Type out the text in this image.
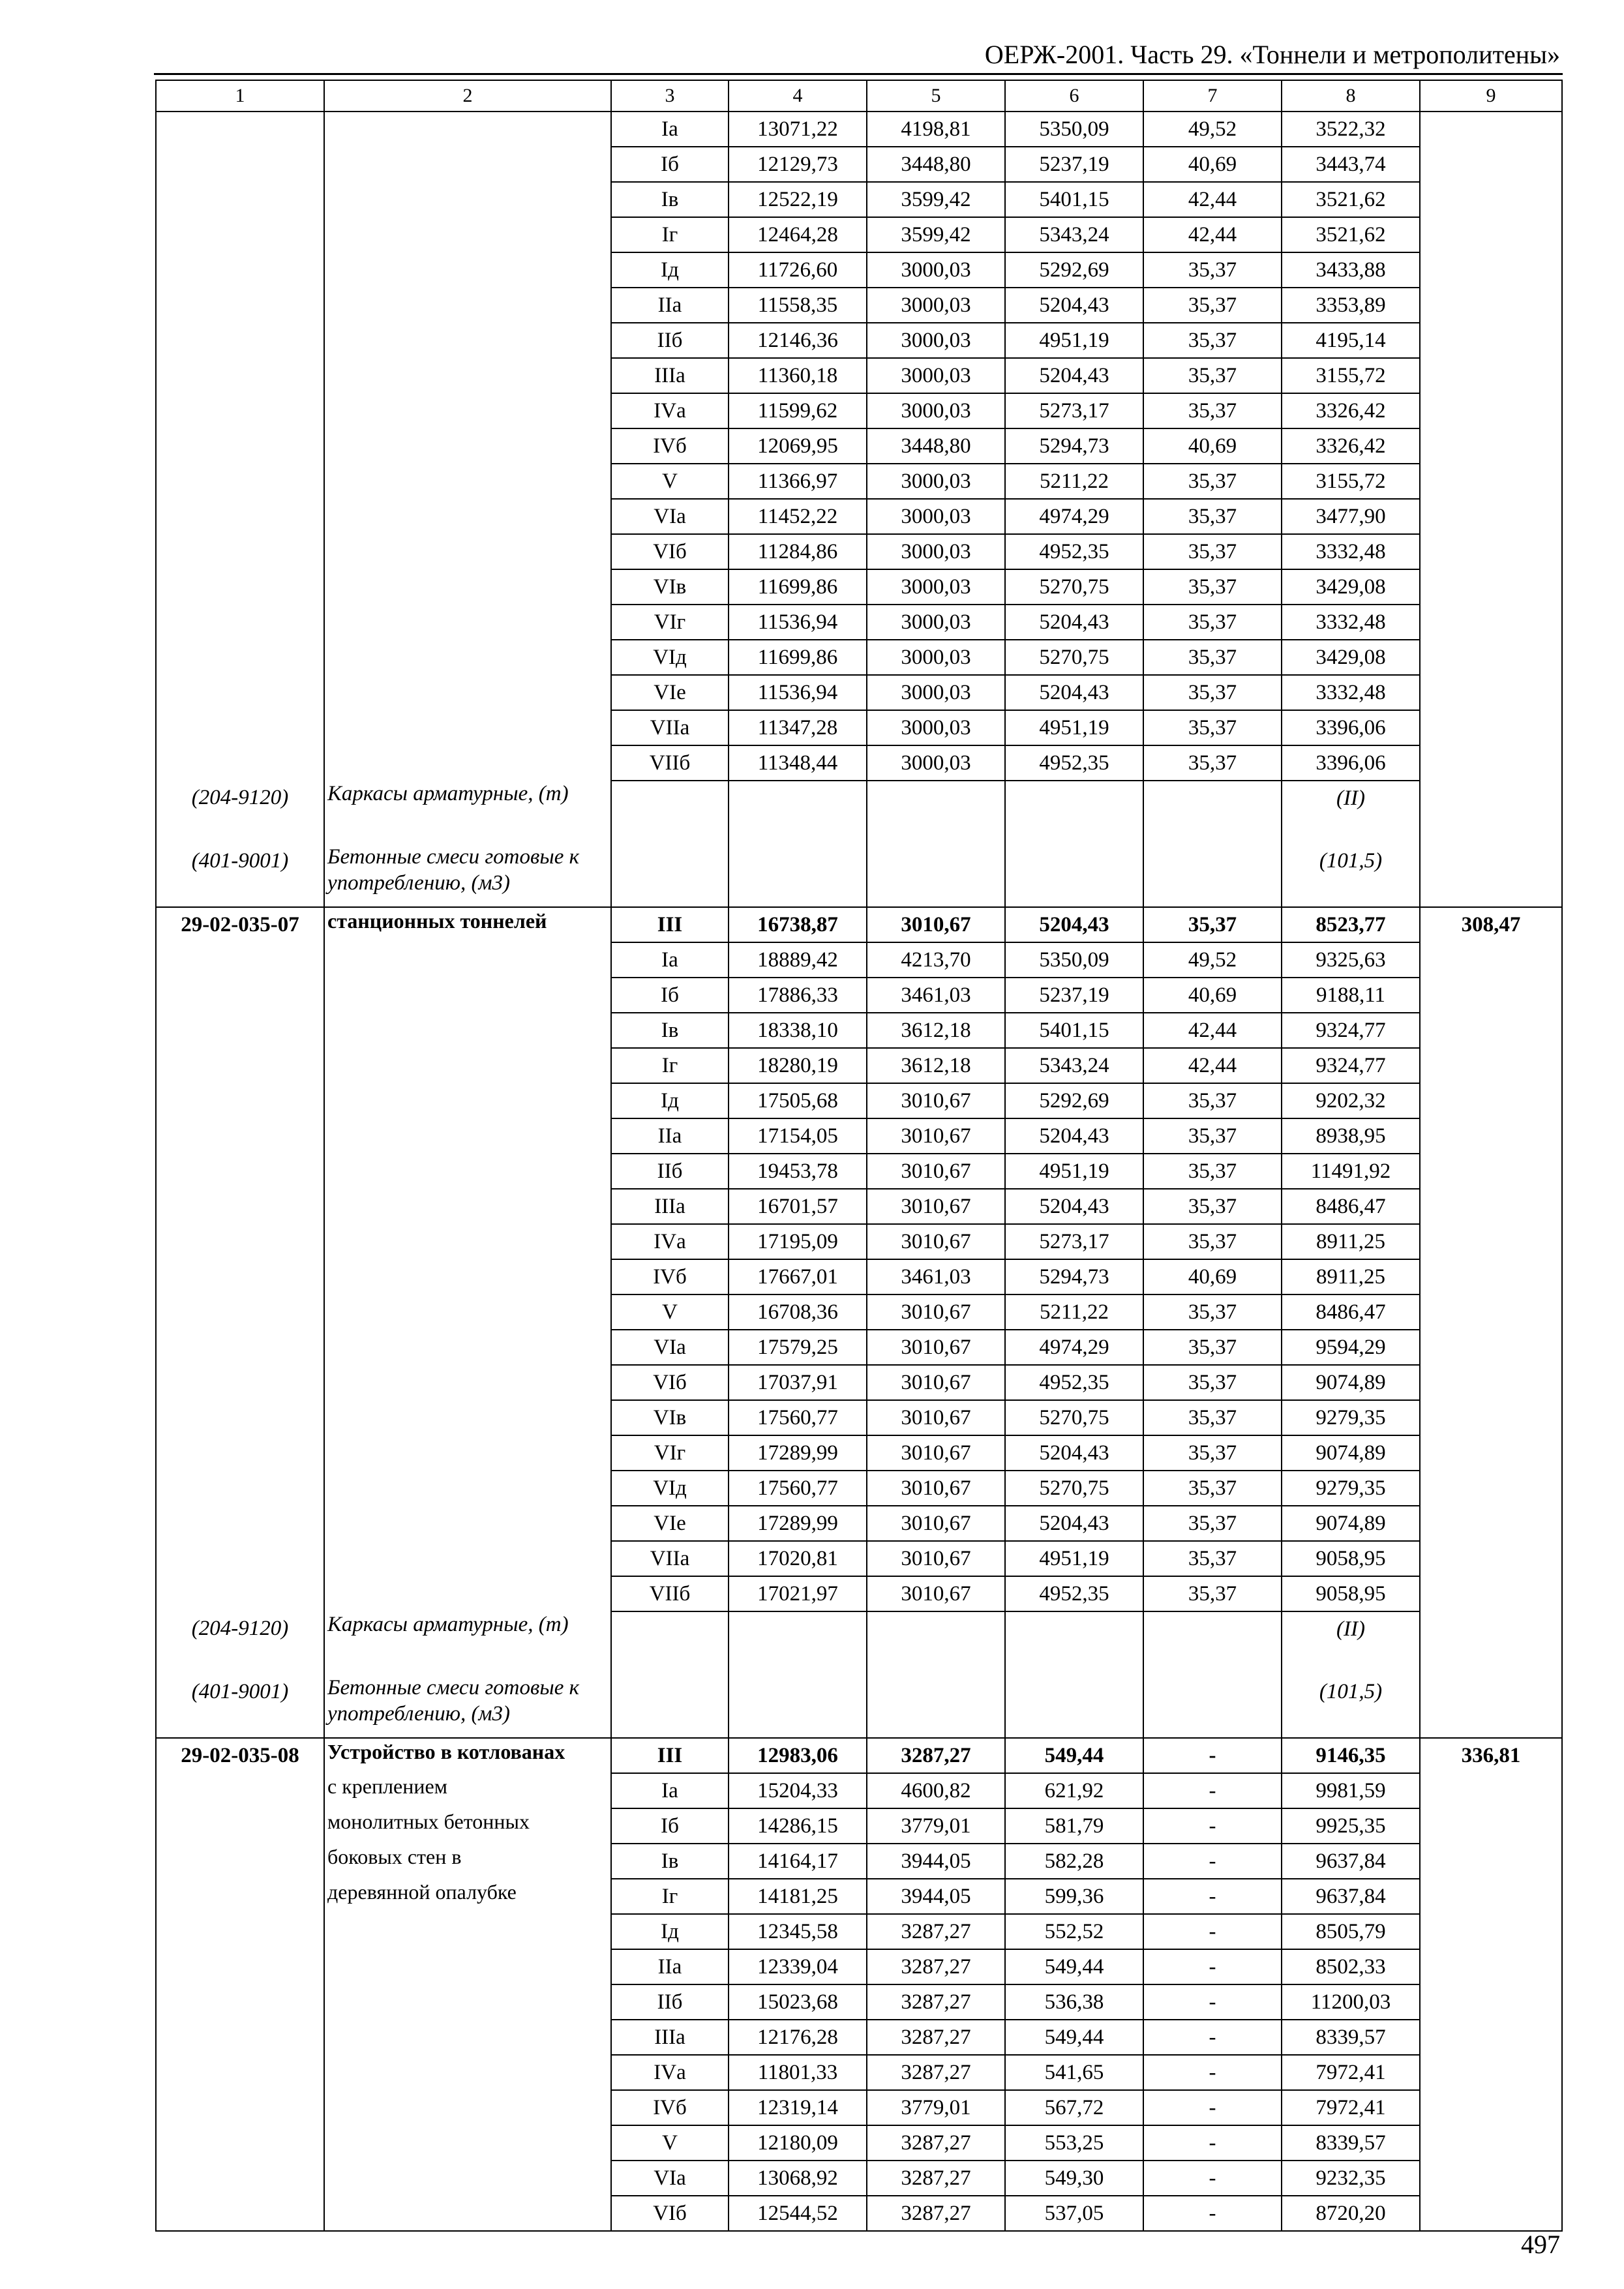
ОЕРЖ-2001. Часть 29. «Тоннели и метрополитены»
1	2	3	4	5	6	7	8	9
		Iа	13071,22	4198,81	5350,09	49,52	3522,32	
		Iб	12129,73	3448,80	5237,19	40,69	3443,74	
		Iв	12522,19	3599,42	5401,15	42,44	3521,62	
		Iг	12464,28	3599,42	5343,24	42,44	3521,62	
		Iд	11726,60	3000,03	5292,69	35,37	3433,88	
		IIа	11558,35	3000,03	5204,43	35,37	3353,89	
		IIб	12146,36	3000,03	4951,19	35,37	4195,14	
		IIIа	11360,18	3000,03	5204,43	35,37	3155,72	
		IVа	11599,62	3000,03	5273,17	35,37	3326,42	
		IVб	12069,95	3448,80	5294,73	40,69	3326,42	
		V	11366,97	3000,03	5211,22	35,37	3155,72	
		VIа	11452,22	3000,03	4974,29	35,37	3477,90	
		VIб	11284,86	3000,03	4952,35	35,37	3332,48	
		VIв	11699,86	3000,03	5270,75	35,37	3429,08	
		VIг	11536,94	3000,03	5204,43	35,37	3332,48	
		VIд	11699,86	3000,03	5270,75	35,37	3429,08	
		VIе	11536,94	3000,03	5204,43	35,37	3332,48	
		VIIа	11347,28	3000,03	4951,19	35,37	3396,06	
		VIIб	11348,44	3000,03	4952,35	35,37	3396,06	
(204-9120)	Каркасы арматурные, (т)						(II)	
(401-9001)	Бетонные смеси готовые к употреблению, (м3)						(101,5)	
29-02-035-07	станционных тоннелей	III	16738,87	3010,67	5204,43	35,37	8523,77	308,47
		Iа	18889,42	4213,70	5350,09	49,52	9325,63	
		Iб	17886,33	3461,03	5237,19	40,69	9188,11	
		Iв	18338,10	3612,18	5401,15	42,44	9324,77	
		Iг	18280,19	3612,18	5343,24	42,44	9324,77	
		Iд	17505,68	3010,67	5292,69	35,37	9202,32	
		IIа	17154,05	3010,67	5204,43	35,37	8938,95	
		IIб	19453,78	3010,67	4951,19	35,37	11491,92	
		IIIа	16701,57	3010,67	5204,43	35,37	8486,47	
		IVа	17195,09	3010,67	5273,17	35,37	8911,25	
		IVб	17667,01	3461,03	5294,73	40,69	8911,25	
		V	16708,36	3010,67	5211,22	35,37	8486,47	
		VIа	17579,25	3010,67	4974,29	35,37	9594,29	
		VIб	17037,91	3010,67	4952,35	35,37	9074,89	
		VIв	17560,77	3010,67	5270,75	35,37	9279,35	
		VIг	17289,99	3010,67	5204,43	35,37	9074,89	
		VIд	17560,77	3010,67	5270,75	35,37	9279,35	
		VIе	17289,99	3010,67	5204,43	35,37	9074,89	
		VIIа	17020,81	3010,67	4951,19	35,37	9058,95	
		VIIб	17021,97	3010,67	4952,35	35,37	9058,95	
(204-9120)	Каркасы арматурные, (т)						(II)	
(401-9001)	Бетонные смеси готовые к употреблению, (м3)						(101,5)	
29-02-035-08	Устройство в котлованах	III	12983,06	3287,27	549,44	-	9146,35	336,81
	с креплением	Iа	15204,33	4600,82	621,92	-	9981,59	
	монолитных бетонных	Iб	14286,15	3779,01	581,79	-	9925,35	
	боковых стен в	Iв	14164,17	3944,05	582,28	-	9637,84	
	деревянной опалубке	Iг	14181,25	3944,05	599,36	-	9637,84	
		Iд	12345,58	3287,27	552,52	-	8505,79	
		IIа	12339,04	3287,27	549,44	-	8502,33	
		IIб	15023,68	3287,27	536,38	-	11200,03	
		IIIа	12176,28	3287,27	549,44	-	8339,57	
		IVа	11801,33	3287,27	541,65	-	7972,41	
		IVб	12319,14	3779,01	567,72	-	7972,41	
		V	12180,09	3287,27	553,25	-	8339,57	
		VIа	13068,92	3287,27	549,30	-	9232,35	
		VIб	12544,52	3287,27	537,05	-	8720,20	
497
